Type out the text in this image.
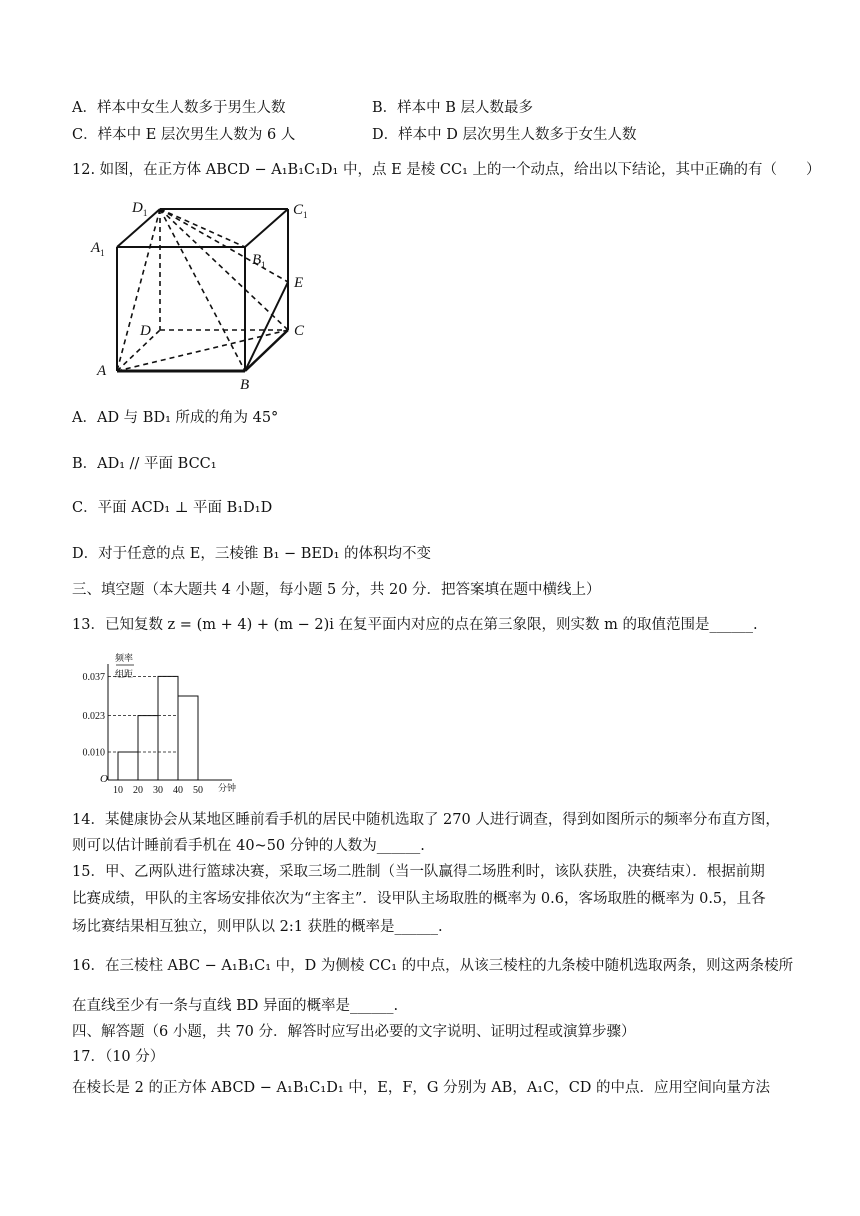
A．样本中女生人数多于男生人数	B．样本中 B 层人数最多
C．样本中 E 层次男生人数为 6 人	D．样本中 D 层次男生人数多于女生人数
12. 如图，在正方体 ABCD − A₁B₁C₁D₁ 中，点 E 是棱 CC₁ 上的一个动点，给出以下结论，其中正确的有（　　）
$D_1$	$C_1$
$A_1$	$B_1$
E
D	C
A
B
A．AD 与 BD₁ 所成的角为 45°
B．AD₁ // 平面 BCC₁
C．平面 ACD₁ ⊥ 平面 B₁D₁D
D．对于任意的点 E，三棱锥 B₁ − BED₁ 的体积均不变
三、填空题（本大题共 4 小题，每小题 5 分，共 20 分．把答案填在题中横线上）
13．已知复数 z = (m + 4) + (m − 2)i 在复平面内对应的点在第三象限，则实数 m 的取值范围是______.
频率
组距
O
分钟
0.037
0.023
0.010
10 20 30 40 50
14．某健康协会从某地区睡前看手机的居民中随机选取了 270 人进行调查，得到如图所示的频率分布直方图，
则可以估计睡前看手机在 40~50 分钟的人数为______.
15．甲、乙两队进行篮球决赛，采取三场二胜制（当一队赢得二场胜利时，该队获胜，决赛结束）．根据前期
比赛成绩，甲队的主客场安排依次为“主客主”．设甲队主场取胜的概率为 0.6，客场取胜的概率为 0.5，且各
场比赛结果相互独立，则甲队以 2:1 获胜的概率是______.
16．在三棱柱 ABC − A₁B₁C₁ 中，D 为侧棱 CC₁ 的中点，从该三棱柱的九条棱中随机选取两条，则这两条棱所
在直线至少有一条与直线 BD 异面的概率是______.
四、解答题（6 小题，共 70 分．解答时应写出必要的文字说明、证明过程或演算步骤）
17．（10 分）
在棱长是 2 的正方体 ABCD − A₁B₁C₁D₁ 中，E，F，G 分别为 AB，A₁C，CD 的中点．应用空间向量方法
